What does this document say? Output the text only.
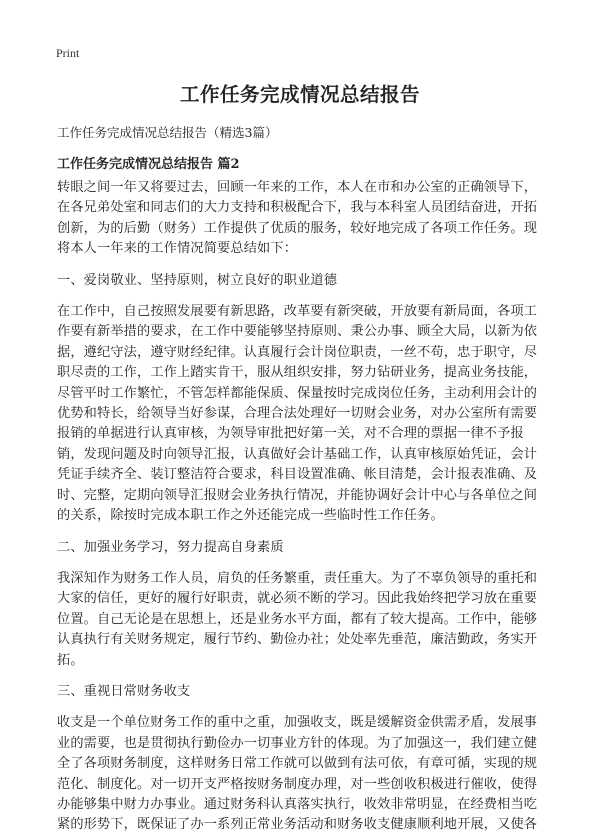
Print
工作任务完成情况总结报告
工作任务完成情况总结报告（精选3篇）
工作任务完成情况总结报告 篇2

转眼之间一年又将要过去，回顾一年来的工作，本人在市和办公室的正确领导下，在各兄弟处室和同志们的大力支持和积极配合下，我与本科室人员团结奋进，开拓创新，为的后勤（财务）工作提供了优质的服务，较好地完成了各项工作任务。现将本人一年来的工作情况简要总结如下：

一、爱岗敬业、坚持原则，树立良好的职业道德

在工作中，自己按照发展要有新思路，改革要有新突破，开放要有新局面，各项工作要有新举措的要求，在工作中要能够坚持原则、秉公办事、顾全大局，以新为依据，遵纪守法，遵守财经纪律。认真履行会计岗位职责，一丝不苟，忠于职守，尽职尽责的工作，工作上踏实肯干，服从组织安排，努力钻研业务，提高业务技能，尽管平时工作繁忙，不管怎样都能保质、保量按时完成岗位任务，主动利用会计的优势和特长，给领导当好参谋，合理合法处理好一切财会业务，对办公室所有需要报销的单据进行认真审核，为领导审批把好第一关，对不合理的票据一律不予报销，发现问题及时向领导汇报，认真做好会计基础工作，认真审核原始凭证，会计凭证手续齐全、装订整洁符合要求，科目设置准确、帐目清楚，会计报表准确、及时、完整，定期向领导汇报财会业务执行情况，并能协调好会计中心与各单位之间的关系，除按时完成本职工作之外还能完成一些临时性工作任务。

二、加强业务学习，努力提高自身素质

我深知作为财务工作人员，肩负的任务繁重，责任重大。为了不辜负领导的重托和大家的信任，更好的履行好职责，就必须不断的学习。因此我始终把学习放在重要位置。自己无论是在思想上，还是业务水平方面，都有了较大提高。工作中，能够认真执行有关财务规定，履行节约、勤俭办社；处处率先垂范，廉洁勤政，务实开拓。

三、重视日常财务收支

收支是一个单位财务工作的重中之重，加强收支，既是缓解资金供需矛盾，发展事业的需要，也是贯彻执行勤俭办一切事业方针的体现。为了加强这一，我们建立健全了各项财务制度，这样财务日常工作就可以做到有法可依，有章可循，实现的规范化、制度化。对一切开支严格按财务制度办理，对一些创收积极进行催收，使得办能够集中财力办事业。通过财务科认真落实执行，收效非常明显，在经费相当吃紧的形势下，既保证了办一系列正常业务活动和财务收支健康顺利地开展，又使各
